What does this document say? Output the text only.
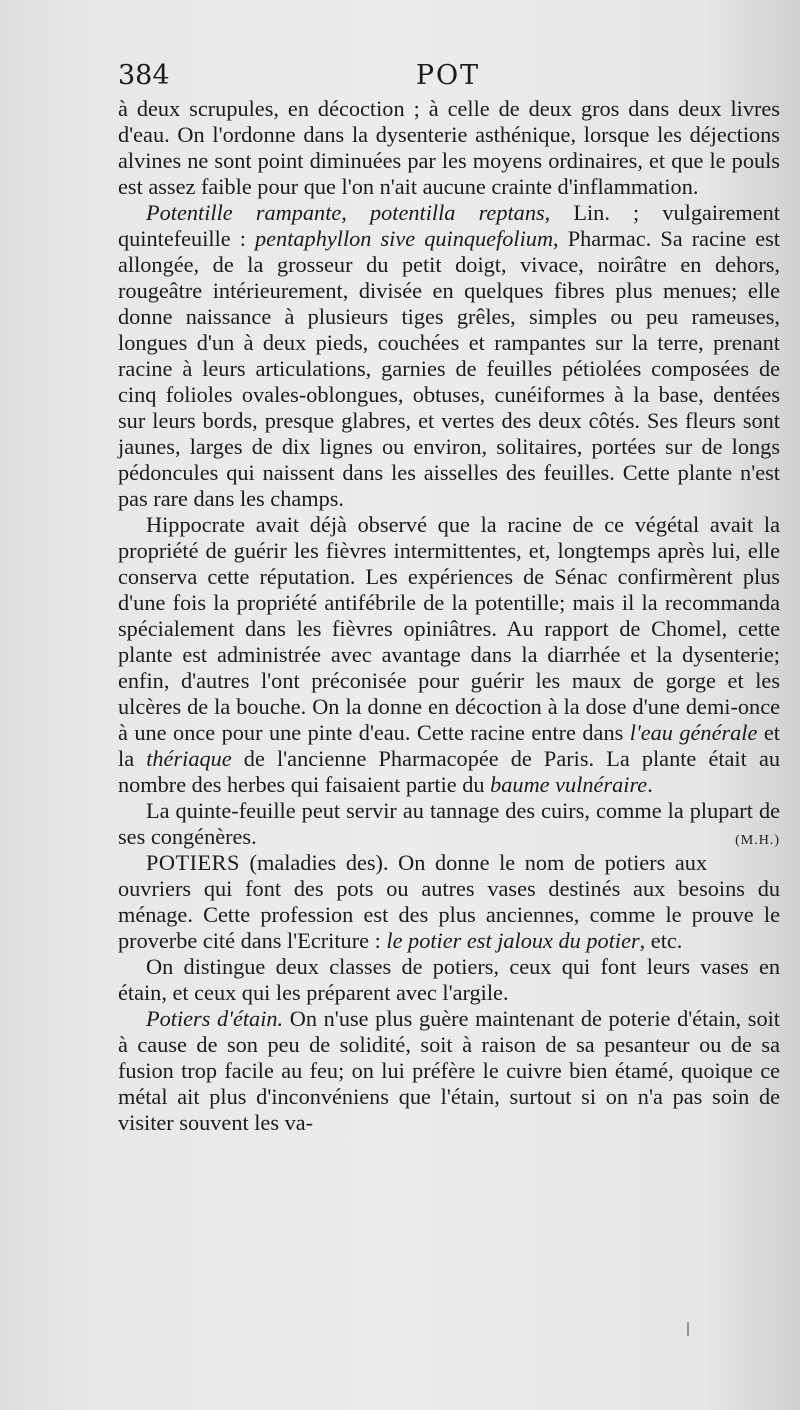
384	POT

à deux scrupules, en décoction ; à celle de deux gros dans deux livres d'eau. On l'ordonne dans la dysenterie asthénique, lorsque les déjections alvines ne sont point diminuées par les moyens ordinaires, et que le pouls est assez faible pour que l'on n'ait aucune crainte d'inflammation.

Potentille rampante, potentilla reptans, Lin. ; vulgairement quintefeuille : pentaphyllon sive quinquefolium, Pharmac. Sa racine est allongée, de la grosseur du petit doigt, vivace, noirâtre en dehors, rougeâtre intérieurement, divisée en quelques fibres plus menues; elle donne naissance à plusieurs tiges grêles, simples ou peu rameuses, longues d'un à deux pieds, couchées et rampantes sur la terre, prenant racine à leurs articulations, garnies de feuilles pétiolées composées de cinq folioles ovales-oblongues, obtuses, cunéiformes à la base, dentées sur leurs bords, presque glabres, et vertes des deux côtés. Ses fleurs sont jaunes, larges de dix lignes ou environ, solitaires, portées sur de longs pédoncules qui naissent dans les aisselles des feuilles. Cette plante n'est pas rare dans les champs.

Hippocrate avait déjà observé que la racine de ce végétal avait la propriété de guérir les fièvres intermittentes, et, longtemps après lui, elle conserva cette réputation. Les expériences de Sénac confirmèrent plus d'une fois la propriété antifébrile de la potentille; mais il la recommanda spécialement dans les fièvres opiniâtres. Au rapport de Chomel, cette plante est administrée avec avantage dans la diarrhée et la dysenterie; enfin, d'autres l'ont préconisée pour guérir les maux de gorge et les ulcères de la bouche. On la donne en décoction à la dose d'une demi-once à une once pour une pinte d'eau. Cette racine entre dans l'eau générale et la thériaque de l'ancienne Pharmacopée de Paris. La plante était au nombre des herbes qui faisaient partie du baume vulnéraire.

La quinte-feuille peut servir au tannage des cuirs, comme la plupart de ses congénères.	(M.H.)

POTIERS (maladies des). On donne le nom de potiers aux ouvriers qui font des pots ou autres vases destinés aux besoins du ménage. Cette profession est des plus anciennes, comme le prouve le proverbe cité dans l'Ecriture : le potier est jaloux du potier, etc.

On distingue deux classes de potiers, ceux qui font leurs vases en étain, et ceux qui les préparent avec l'argile.

Potiers d'étain. On n'use plus guère maintenant de poterie d'étain, soit à cause de son peu de solidité, soit à raison de sa pesanteur ou de sa fusion trop facile au feu; on lui préfère le cuivre bien étamé, quoique ce métal ait plus d'inconvéniens que l'étain, surtout si on n'a pas soin de visiter souvent les va-
